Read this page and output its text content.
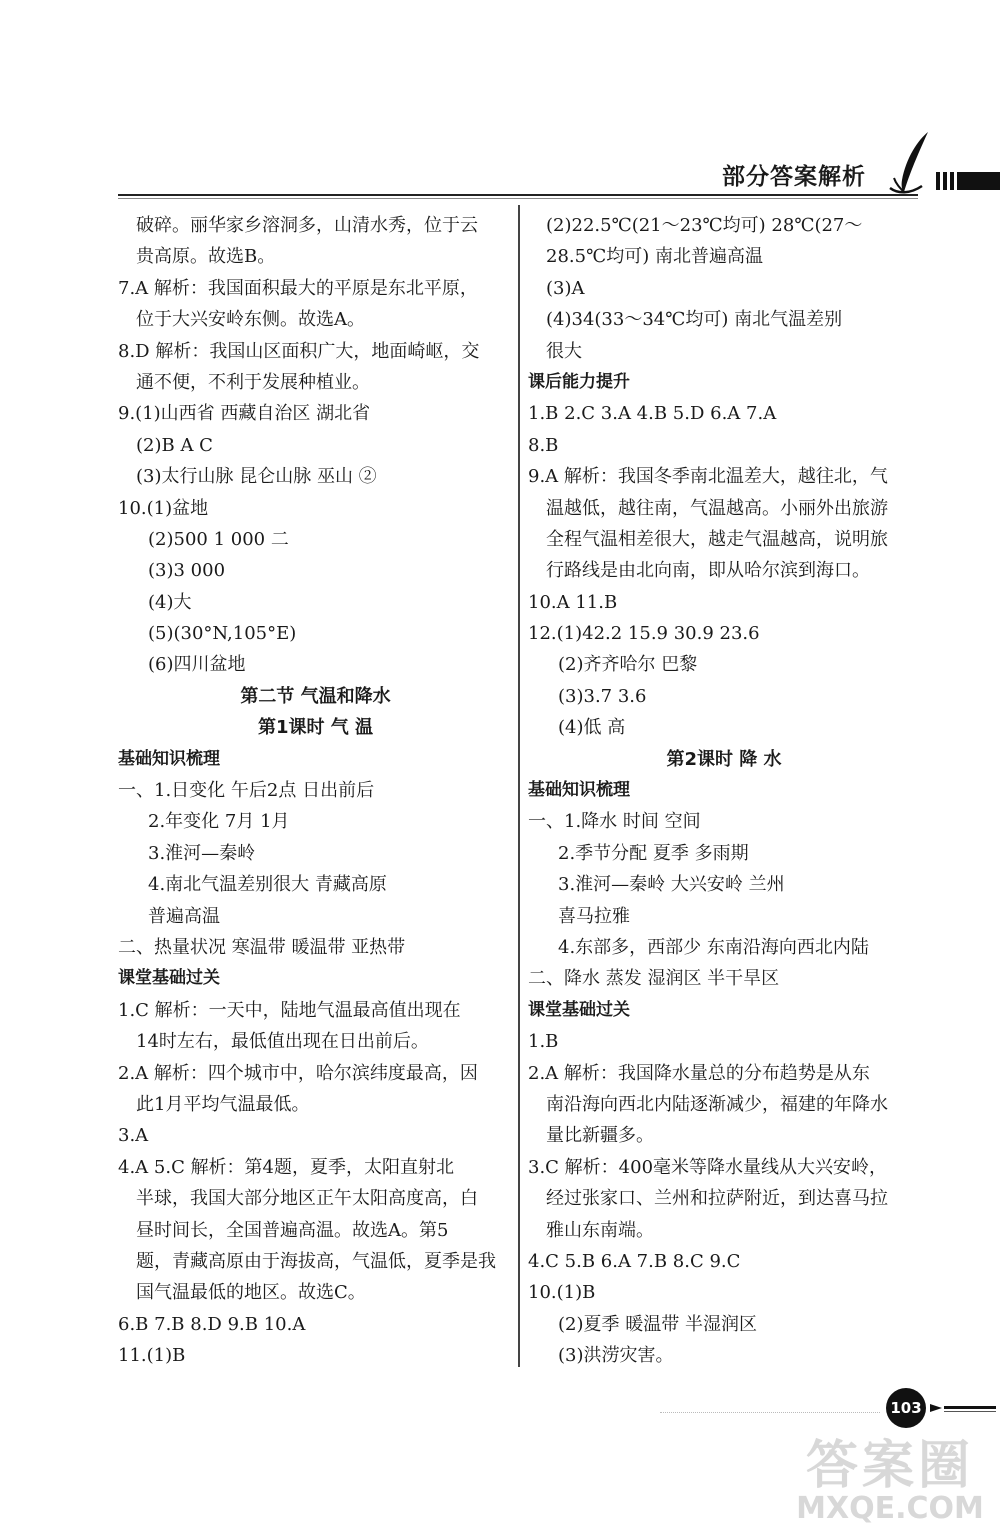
部分答案解析
破碎。丽华家乡溶洞多，山清水秀，位于云
贵高原。故选B。
7.A 解析：我国面积最大的平原是东北平原，
位于大兴安岭东侧。故选A。
8.D 解析：我国山区面积广大，地面崎岖，交
通不便，不利于发展种植业。
9.(1)山西省 西藏自治区 湖北省
(2)B A C
(3)太行山脉 昆仑山脉 巫山 ②
10.(1)盆地
(2)500 1 000 二
(3)3 000
(4)大
(5)(30°N,105°E)
(6)四川盆地
第二节 气温和降水
第1课时 气 温
基础知识梳理
一、1.日变化 午后2点 日出前后
2.年变化 7月 1月
3.淮河—秦岭
4.南北气温差别很大 青藏高原
普遍高温
二、热量状况 寒温带 暖温带 亚热带
课堂基础过关
1.C 解析：一天中，陆地气温最高值出现在
14时左右，最低值出现在日出前后。
2.A 解析：四个城市中，哈尔滨纬度最高，因
此1月平均气温最低。
3.A
4.A 5.C 解析：第4题，夏季，太阳直射北
半球，我国大部分地区正午太阳高度高，白
昼时间长，全国普遍高温。故选A。第5
题，青藏高原由于海拔高，气温低，夏季是我
国气温最低的地区。故选C。
6.B 7.B 8.D 9.B 10.A
11.(1)B
(2)22.5℃(21～23℃均可) 28℃(27～
28.5℃均可) 南北普遍高温
(3)A
(4)34(33～34℃均可) 南北气温差别
很大
课后能力提升
1.B 2.C 3.A 4.B 5.D 6.A 7.A
8.B
9.A 解析：我国冬季南北温差大，越往北，气
温越低，越往南，气温越高。小丽外出旅游
全程气温相差很大，越走气温越高，说明旅
行路线是由北向南，即从哈尔滨到海口。
10.A 11.B
12.(1)42.2 15.9 30.9 23.6
(2)齐齐哈尔 巴黎
(3)3.7 3.6
(4)低 高
第2课时 降 水
基础知识梳理
一、1.降水 时间 空间
2.季节分配 夏季 多雨期
3.淮河—秦岭 大兴安岭 兰州
喜马拉雅
4.东部多，西部少 东南沿海向西北内陆
二、降水 蒸发 湿润区 半干旱区
课堂基础过关
1.B
2.A 解析：我国降水量总的分布趋势是从东
南沿海向西北内陆逐渐减少，福建的年降水
量比新疆多。
3.C 解析：400毫米等降水量线从大兴安岭，
经过张家口、兰州和拉萨附近，到达喜马拉
雅山东南端。
4.C 5.B 6.A 7.B 8.C 9.C
10.(1)B
(2)夏季 暖温带 半湿润区
(3)洪涝灾害。
103
答案圈
MXQE.COM
